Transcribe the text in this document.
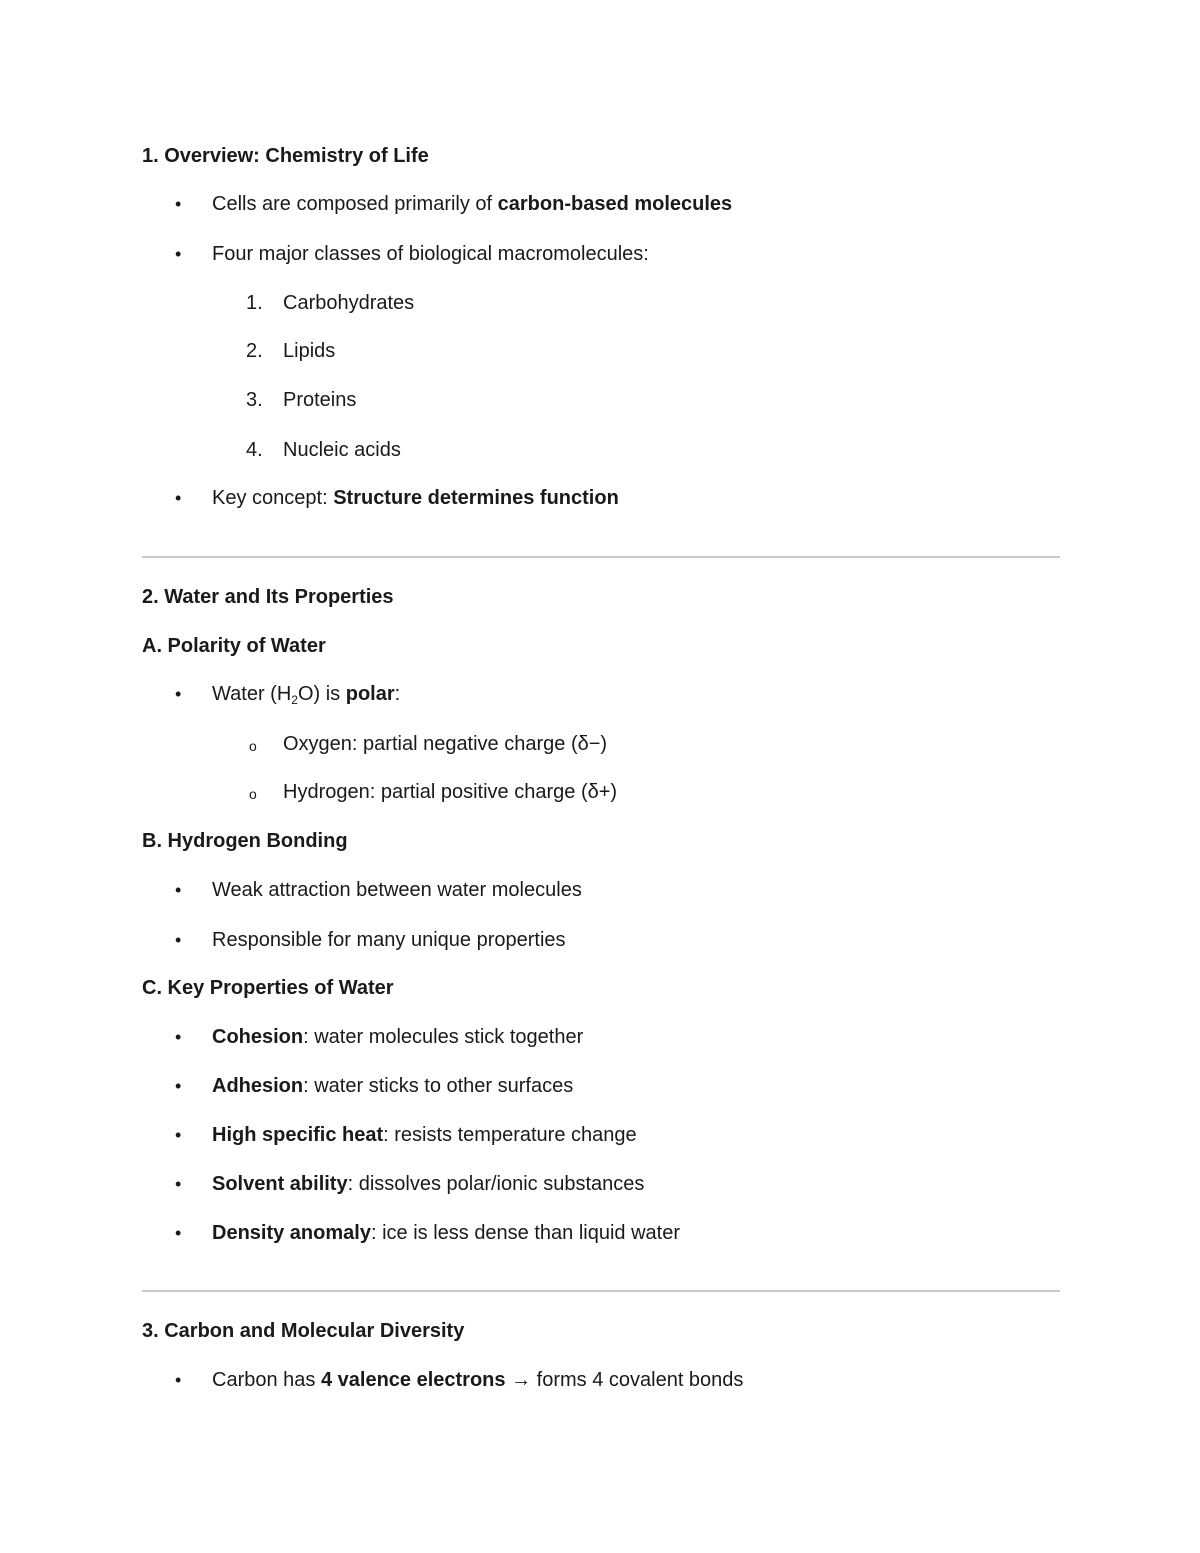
1. Overview: Chemistry of Life
• Cells are composed primarily of carbon-based molecules
• Four major classes of biological macromolecules:
1.	Carbohydrates
2.	Lipids
3.	Proteins
4.	Nucleic acids
• Key concept: Structure determines function
2. Water and Its Properties
A. Polarity of Water
• Water $(H_2O)$ is polar:
o Oxygen: partial negative charge (δ−)
o Hydrogen: partial positive charge (δ+)
B. Hydrogen Bonding
• Weak attraction between water molecules
• Responsible for many unique properties
C. Key Properties of Water
• Cohesion: water molecules stick together
• Adhesion: water sticks to other surfaces
• High specific heat: resists temperature change
• Solvent ability: dissolves polar/ionic substances
• Density anomaly: ice is less dense than liquid water
3. Carbon and Molecular Diversity
• Carbon has 4 valence electrons → forms 4 covalent bonds
